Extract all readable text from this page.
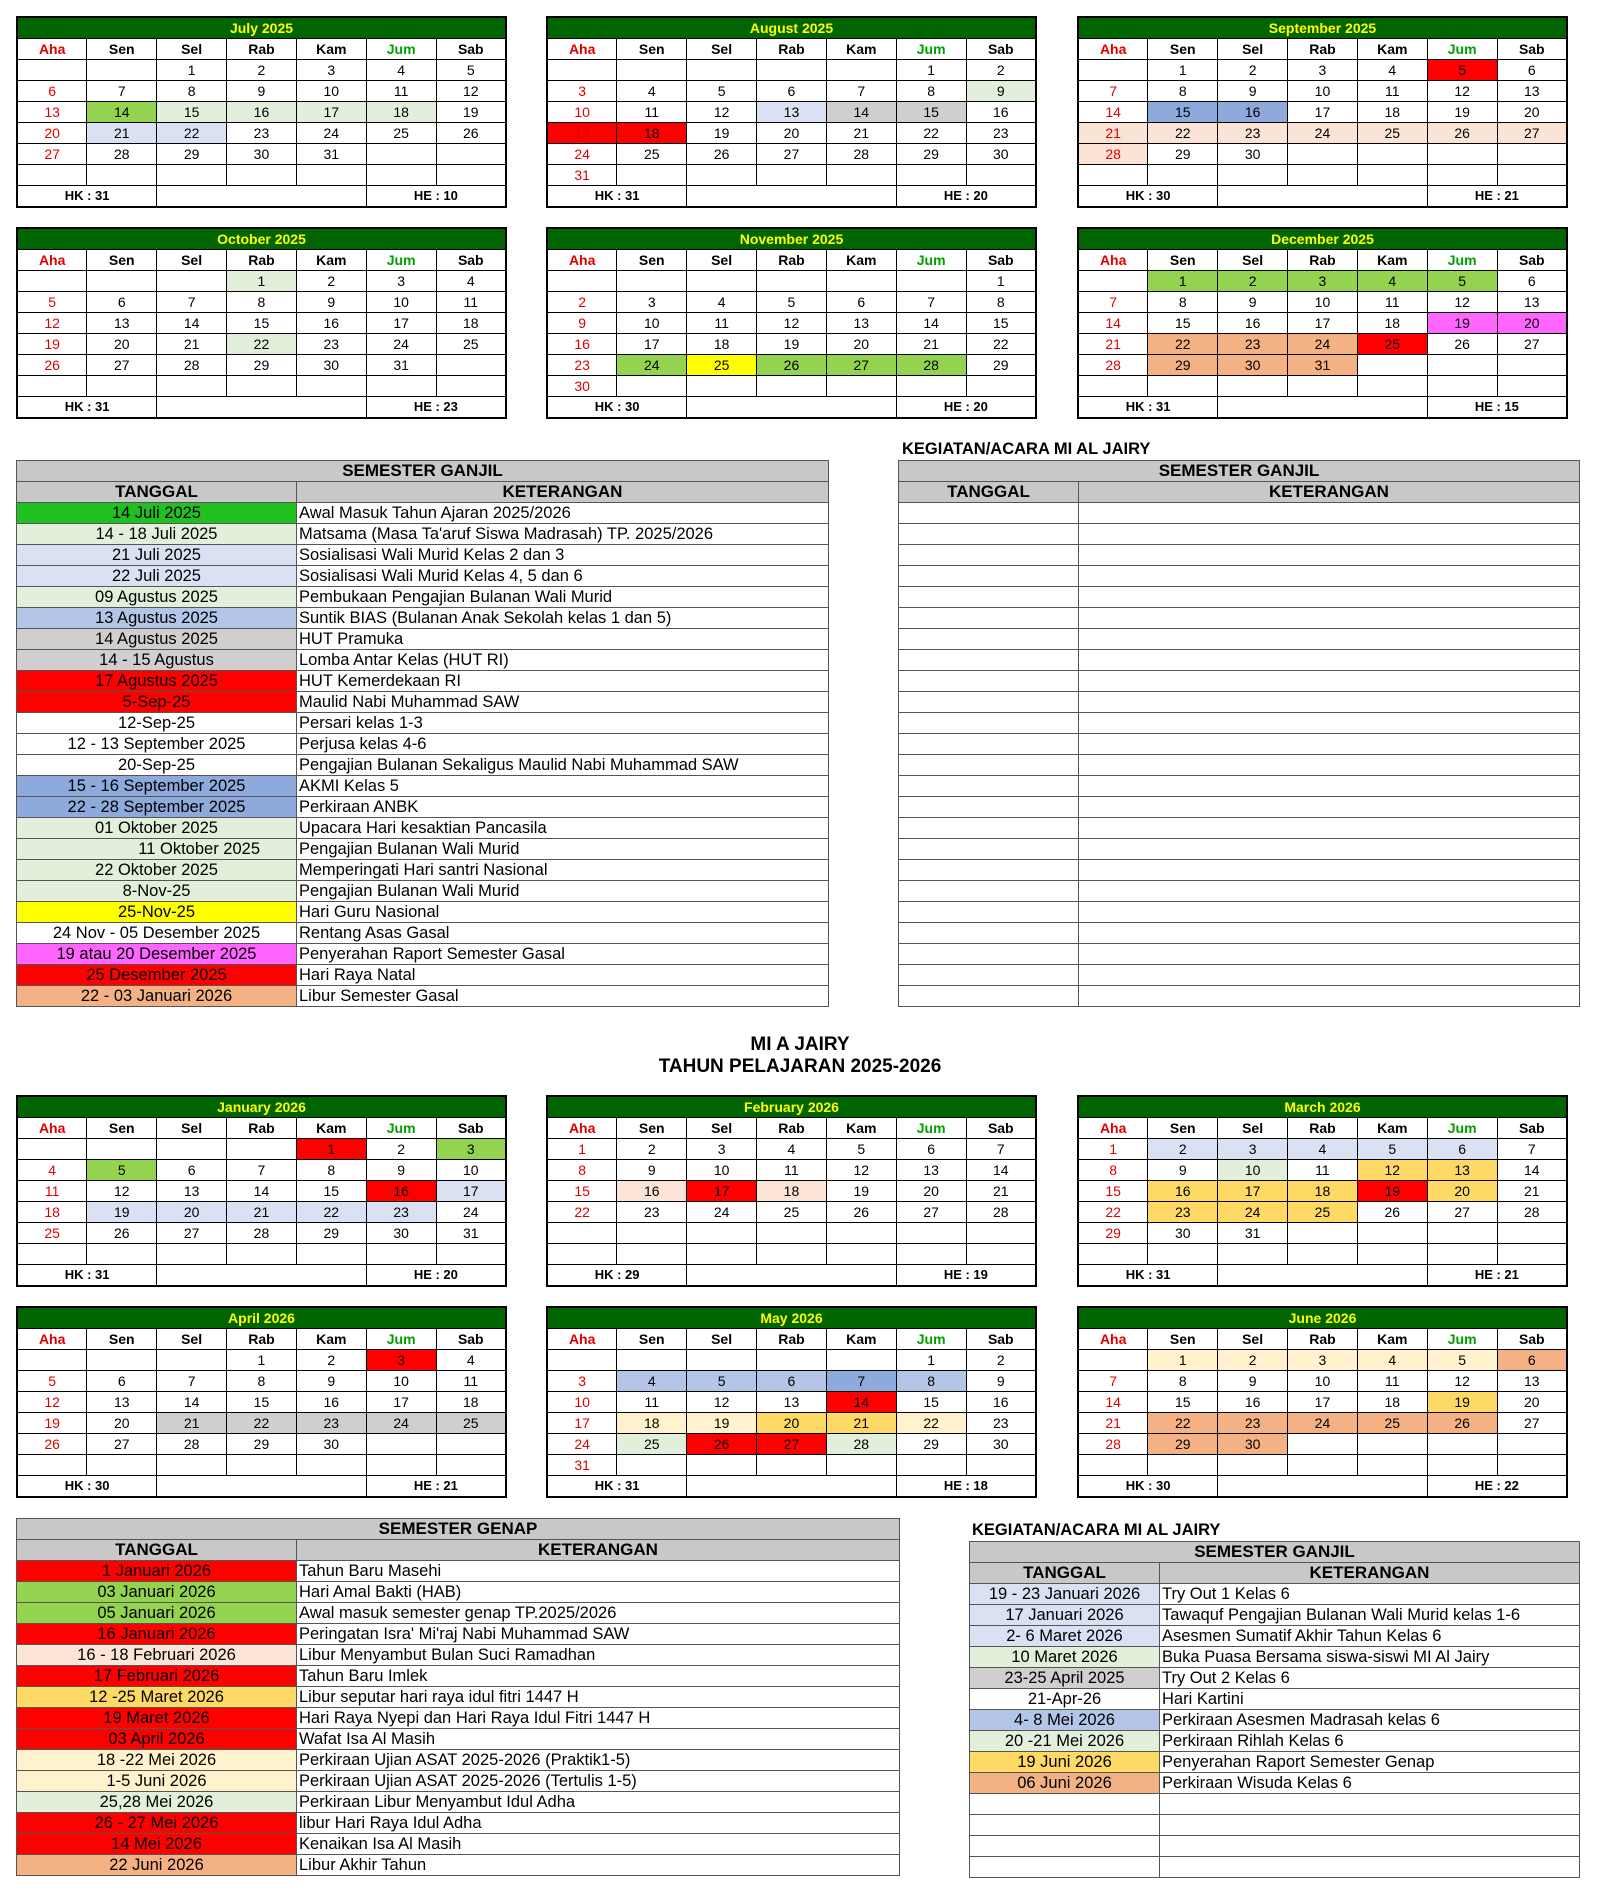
July 2025						
Aha	Sen	Sel	Rab	Kam	Jum	Sab
		1	2	3	4	5
6	7	8	9	10	11	12
13	14	15	16	17	18	19
20	21	22	23	24	25	26
27	28	29	30	31		

HK : 31					HE : 10	
August 2025						
Aha	Sen	Sel	Rab	Kam	Jum	Sab
					1	2
3	4	5	6	7	8	9
10	11	12	13	14	15	16
17	18	19	20	21	22	23
24	25	26	27	28	29	30
31						
HK : 31					HE : 20	
September 2025						
Aha	Sen	Sel	Rab	Kam	Jum	Sab
	1	2	3	4	5	6
7	8	9	10	11	12	13
14	15	16	17	18	19	20
21	22	23	24	25	26	27
28	29	30				

HK : 30					HE : 21	
October 2025						
Aha	Sen	Sel	Rab	Kam	Jum	Sab
			1	2	3	4
5	6	7	8	9	10	11
12	13	14	15	16	17	18
19	20	21	22	23	24	25
26	27	28	29	30	31	

HK : 31					HE : 23	
November 2025						
Aha	Sen	Sel	Rab	Kam	Jum	Sab
						1
2	3	4	5	6	7	8
9	10	11	12	13	14	15
16	17	18	19	20	21	22
23	24	25	26	27	28	29
30						
HK : 30					HE : 20	
December 2025						
Aha	Sen	Sel	Rab	Kam	Jum	Sab
	1	2	3	4	5	6
7	8	9	10	11	12	13
14	15	16	17	18	19	20
21	22	23	24	25	26	27
28	29	30	31			

HK : 31					HE : 15	
SEMESTER GANJIL	
TANGGAL	KETERANGAN
14 Juli 2025	Awal Masuk Tahun Ajaran 2025/2026
14 - 18 Juli 2025	Matsama (Masa Ta'aruf Siswa Madrasah) TP. 2025/2026
21 Juli 2025	Sosialisasi Wali Murid Kelas 2 dan 3
22 Juli 2025	Sosialisasi Wali Murid Kelas 4, 5 dan 6
09 Agustus 2025	Pembukaan Pengajian Bulanan Wali Murid
13 Agustus 2025	Suntik BIAS (Bulanan Anak Sekolah kelas 1 dan 5)
14 Agustus 2025	HUT Pramuka
14 - 15 Agustus	Lomba Antar Kelas (HUT RI)
17 Agustus 2025	HUT Kemerdekaan RI
5-Sep-25	Maulid Nabi Muhammad SAW
12-Sep-25	Persari kelas 1-3
12 - 13 September 2025	Perjusa kelas 4-6
20-Sep-25	Pengajian Bulanan Sekaligus Maulid Nabi Muhammad SAW
15 - 16 September 2025	AKMI Kelas 5
22 - 28 September 2025	Perkiraan ANBK
01 Oktober 2025	Upacara Hari kesaktian Pancasila
11 Oktober 2025	Pengajian Bulanan Wali Murid
22 Oktober 2025	Memperingati Hari santri Nasional
8-Nov-25	Pengajian Bulanan Wali Murid
25-Nov-25	Hari Guru Nasional
24 Nov - 05 Desember 2025	Rentang Asas Gasal
19 atau 20 Desember 2025	Penyerahan Raport Semester Gasal
25 Desember 2025	Hari Raya Natal
22 - 03 Januari 2026	Libur Semester Gasal
KEGIATAN/ACARA MI AL JAIRY
SEMESTER GANJIL	
TANGGAL	KETERANGAN

MI A JAIRY
TAHUN PELAJARAN 2025-2026
January 2026						
Aha	Sen	Sel	Rab	Kam	Jum	Sab
				1	2	3
4	5	6	7	8	9	10
11	12	13	14	15	16	17
18	19	20	21	22	23	24
25	26	27	28	29	30	31

HK : 31					HE : 20	
February 2026						
Aha	Sen	Sel	Rab	Kam	Jum	Sab
1	2	3	4	5	6	7
8	9	10	11	12	13	14
15	16	17	18	19	20	21
22	23	24	25	26	27	28

HK : 29					HE : 19	
March 2026						
Aha	Sen	Sel	Rab	Kam	Jum	Sab
1	2	3	4	5	6	7
8	9	10	11	12	13	14
15	16	17	18	19	20	21
22	23	24	25	26	27	28
29	30	31				

HK : 31					HE : 21	
April 2026						
Aha	Sen	Sel	Rab	Kam	Jum	Sab
			1	2	3	4
5	6	7	8	9	10	11
12	13	14	15	16	17	18
19	20	21	22	23	24	25
26	27	28	29	30		

HK : 30					HE : 21	
May 2026						
Aha	Sen	Sel	Rab	Kam	Jum	Sab
					1	2
3	4	5	6	7	8	9
10	11	12	13	14	15	16
17	18	19	20	21	22	23
24	25	26	27	28	29	30
31						
HK : 31					HE : 18	
June 2026						
Aha	Sen	Sel	Rab	Kam	Jum	Sab
	1	2	3	4	5	6
7	8	9	10	11	12	13
14	15	16	17	18	19	20
21	22	23	24	25	26	27
28	29	30				

HK : 30					HE : 22	
SEMESTER GENAP	
TANGGAL	KETERANGAN
1 Januari 2026	Tahun Baru Masehi
03 Januari 2026	Hari Amal Bakti (HAB)
05 Januari 2026	Awal masuk semester genap TP.2025/2026
16 Januari 2026	Peringatan Isra' Mi'raj Nabi Muhammad SAW
16 - 18 Februari 2026	Libur Menyambut Bulan Suci Ramadhan
17 Februari 2026	Tahun Baru Imlek
12 -25 Maret 2026	Libur seputar hari raya idul fitri 1447 H
19 Maret 2026	Hari Raya Nyepi dan Hari Raya Idul Fitri 1447 H
03 April 2026	Wafat Isa Al Masih
18 -22 Mei 2026	Perkiraan Ujian ASAT 2025-2026 (Praktik1-5)
1-5 Juni 2026	Perkiraan Ujian ASAT 2025-2026 (Tertulis 1-5)
25,28 Mei 2026	Perkiraan Libur Menyambut Idul Adha
26 - 27 Mei 2026	libur Hari Raya Idul Adha
14 Mei 2026	Kenaikan Isa Al Masih
22 Juni 2026	Libur Akhir Tahun
KEGIATAN/ACARA MI AL JAIRY
SEMESTER GANJIL	
TANGGAL	KETERANGAN
19 - 23 Januari 2026	Try Out 1 Kelas 6
17 Januari 2026	Tawaquf Pengajian Bulanan Wali Murid kelas 1-6
2- 6 Maret 2026	Asesmen Sumatif Akhir Tahun Kelas 6
10 Maret 2026	Buka Puasa Bersama siswa-siswi MI Al Jairy
23-25 April 2025	Try Out 2 Kelas 6
21-Apr-26	Hari Kartini
4- 8 Mei 2026	Perkiraan Asesmen Madrasah kelas 6
20 -21 Mei 2026	Perkiraan Rihlah Kelas 6
19 Juni 2026	Penyerahan Raport Semester Genap
06 Juni 2026	Perkiraan Wisuda Kelas 6
